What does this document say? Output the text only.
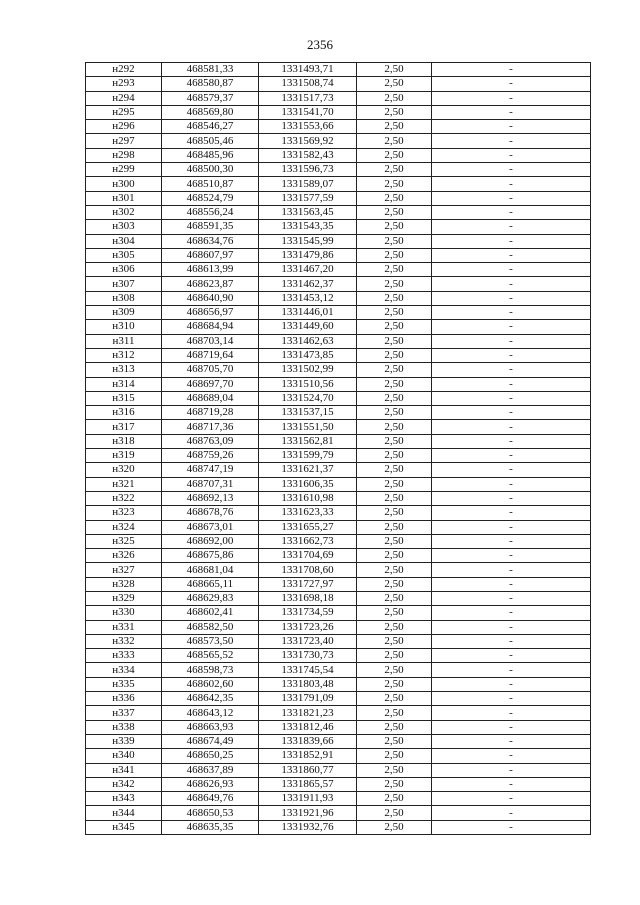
2356
н292	468581,33	1331493,71	2,50	-
н293	468580,87	1331508,74	2,50	-
н294	468579,37	1331517,73	2,50	-
н295	468569,80	1331541,70	2,50	-
н296	468546,27	1331553,66	2,50	-
н297	468505,46	1331569,92	2,50	-
н298	468485,96	1331582,43	2,50	-
н299	468500,30	1331596,73	2,50	-
н300	468510,87	1331589,07	2,50	-
н301	468524,79	1331577,59	2,50	-
н302	468556,24	1331563,45	2,50	-
н303	468591,35	1331543,35	2,50	-
н304	468634,76	1331545,99	2,50	-
н305	468607,97	1331479,86	2,50	-
н306	468613,99	1331467,20	2,50	-
н307	468623,87	1331462,37	2,50	-
н308	468640,90	1331453,12	2,50	-
н309	468656,97	1331446,01	2,50	-
н310	468684,94	1331449,60	2,50	-
н311	468703,14	1331462,63	2,50	-
н312	468719,64	1331473,85	2,50	-
н313	468705,70	1331502,99	2,50	-
н314	468697,70	1331510,56	2,50	-
н315	468689,04	1331524,70	2,50	-
н316	468719,28	1331537,15	2,50	-
н317	468717,36	1331551,50	2,50	-
н318	468763,09	1331562,81	2,50	-
н319	468759,26	1331599,79	2,50	-
н320	468747,19	1331621,37	2,50	-
н321	468707,31	1331606,35	2,50	-
н322	468692,13	1331610,98	2,50	-
н323	468678,76	1331623,33	2,50	-
н324	468673,01	1331655,27	2,50	-
н325	468692,00	1331662,73	2,50	-
н326	468675,86	1331704,69	2,50	-
н327	468681,04	1331708,60	2,50	-
н328	468665,11	1331727,97	2,50	-
н329	468629,83	1331698,18	2,50	-
н330	468602,41	1331734,59	2,50	-
н331	468582,50	1331723,26	2,50	-
н332	468573,50	1331723,40	2,50	-
н333	468565,52	1331730,73	2,50	-
н334	468598,73	1331745,54	2,50	-
н335	468602,60	1331803,48	2,50	-
н336	468642,35	1331791,09	2,50	-
н337	468643,12	1331821,23	2,50	-
н338	468663,93	1331812,46	2,50	-
н339	468674,49	1331839,66	2,50	-
н340	468650,25	1331852,91	2,50	-
н341	468637,89	1331860,77	2,50	-
н342	468626,93	1331865,57	2,50	-
н343	468649,76	1331911,93	2,50	-
н344	468650,53	1331921,96	2,50	-
н345	468635,35	1331932,76	2,50	-
